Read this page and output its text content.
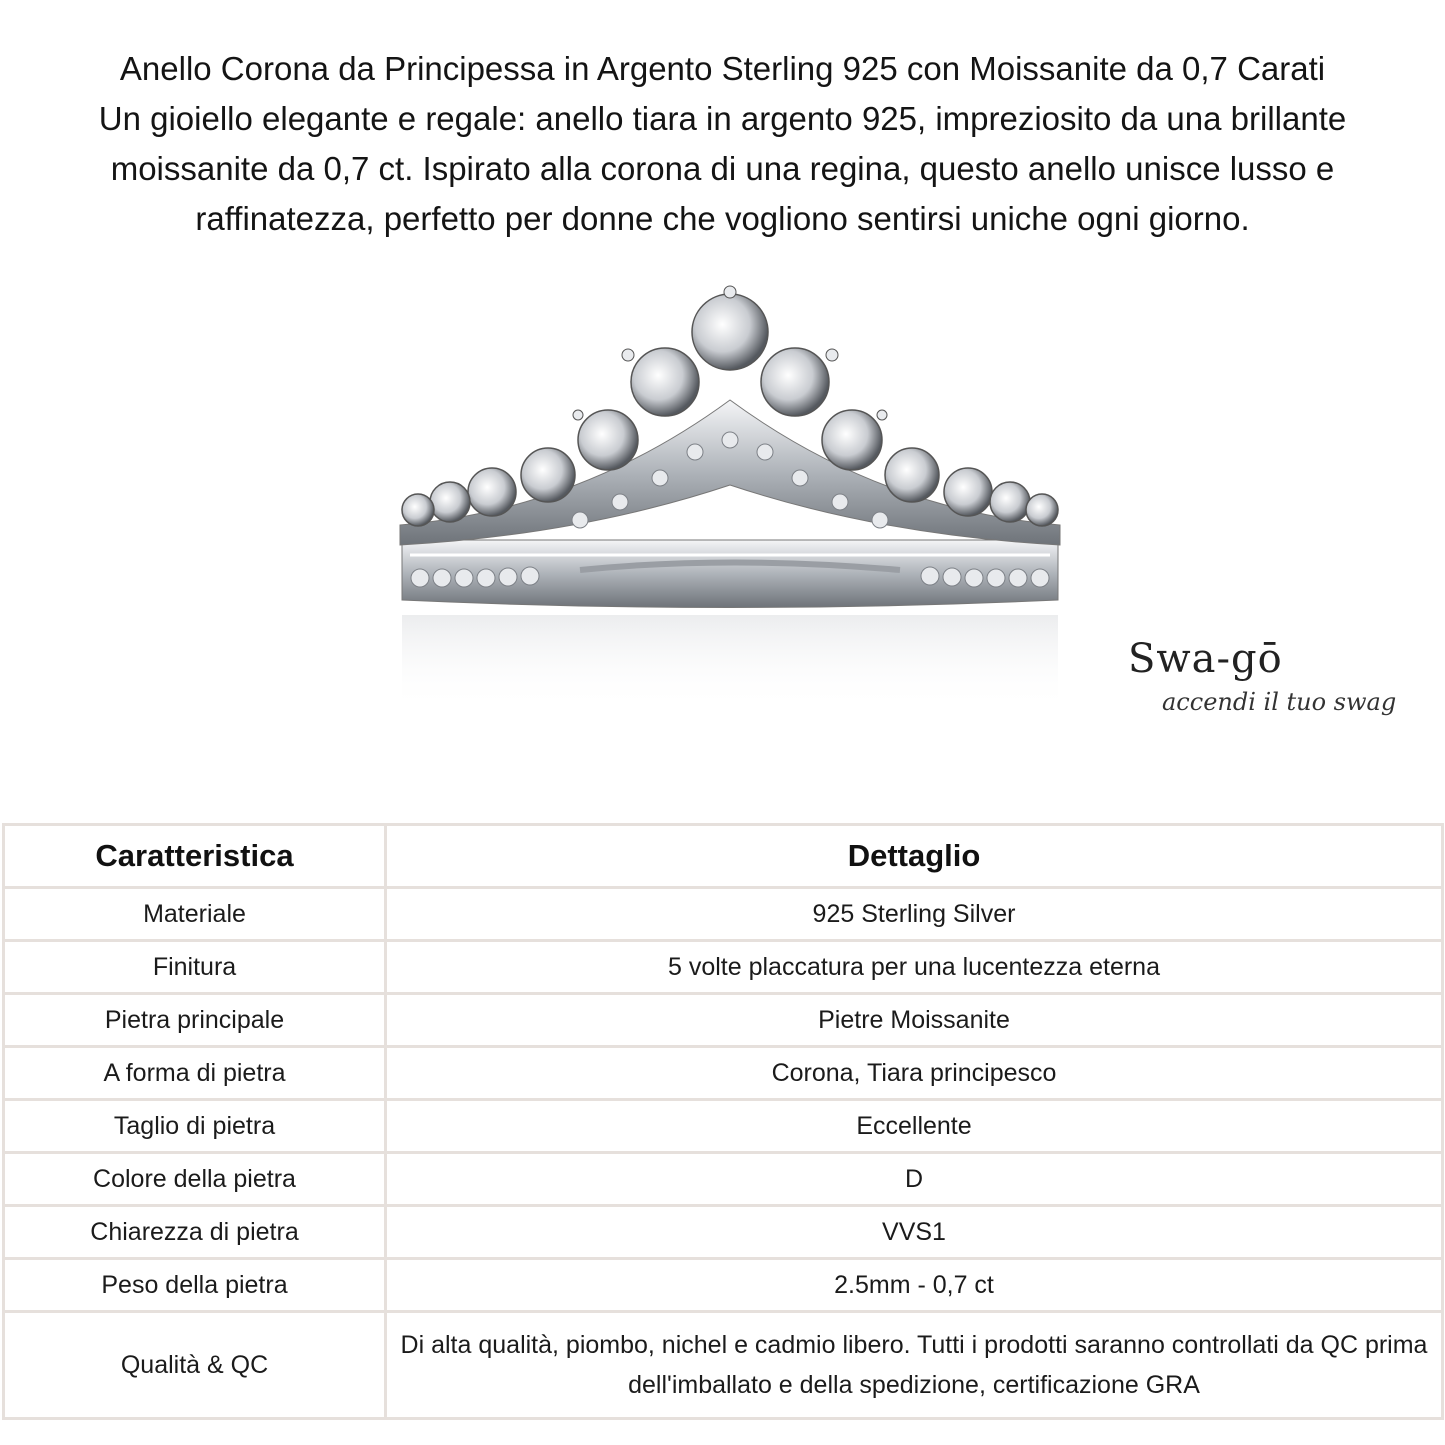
Anello Corona da Principessa in Argento Sterling 925 con Moissanite da 0,7 Carati

Un gioiello elegante e regale: anello tiara in argento 925, impreziosito da una brillante moissanite da 0,7 ct. Ispirato alla corona di una regina, questo anello unisce lusso e raffinatezza, perfetto per donne che vogliono sentirsi uniche ogni giorno.

Swa-gō
accendi il tuo swag
Caratteristica	Dettaglio
Materiale	925 Sterling Silver
Finitura	5 volte placcatura per una lucentezza eterna
Pietra principale	Pietre Moissanite
A forma di pietra	Corona, Tiara principesco
Taglio di pietra	Eccellente
Colore della pietra	D
Chiarezza di pietra	VVS1
Peso della pietra	2.5mm - 0,7 ct
Qualità & QC	Di alta qualità, piombo, nichel e cadmio libero. Tutti i prodotti saranno controllati da QC prima dell'imballato e della spedizione, certificazione GRA
